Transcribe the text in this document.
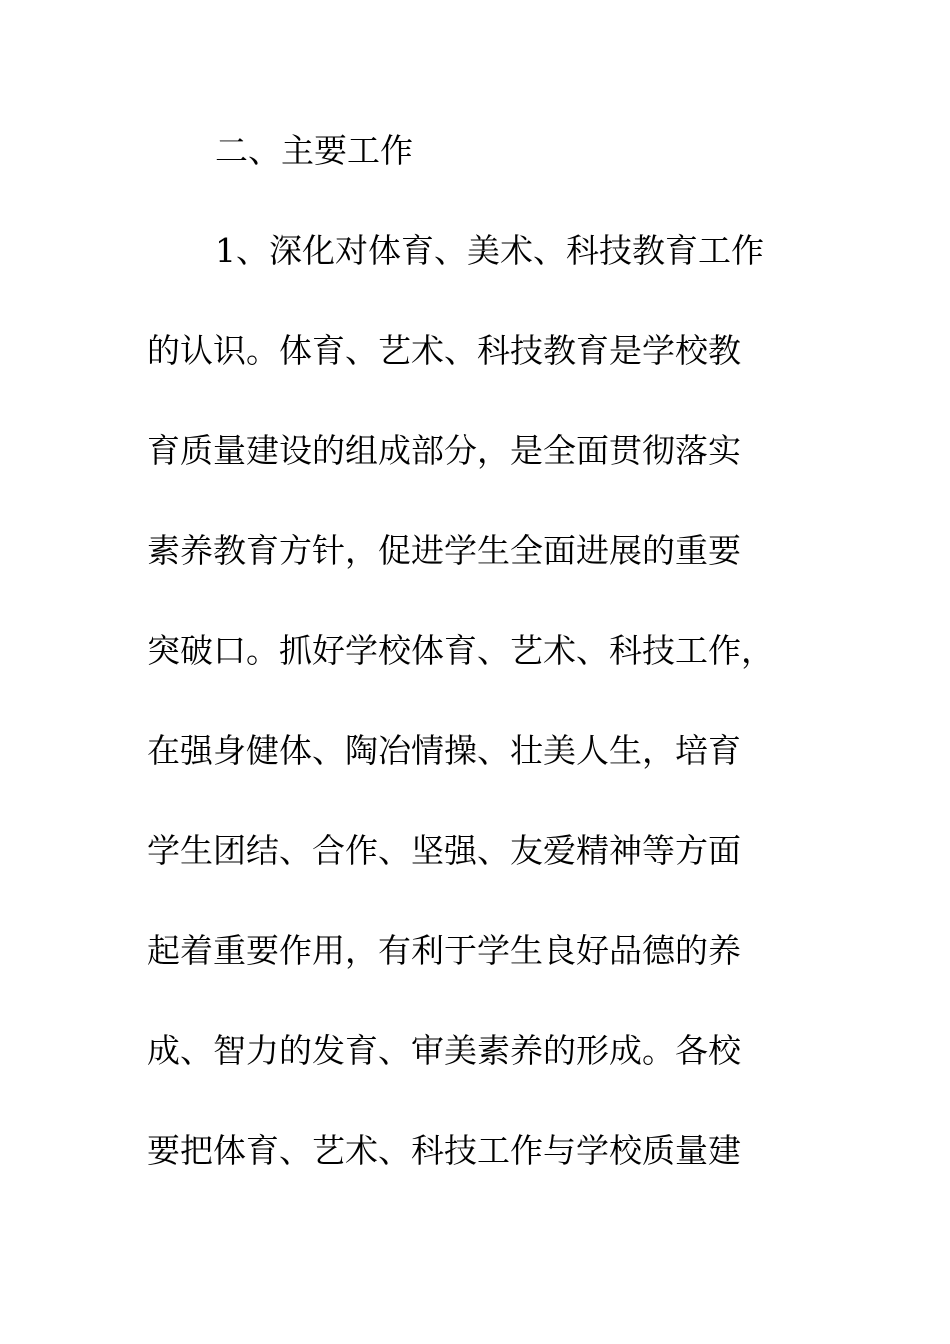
二、主要工作
1、深化对体育、美术、科技教育工作
的认识。体育、艺术、科技教育是学校教
育质量建设的组成部分，是全面贯彻落实
素养教育方针，促进学生全面进展的重要
突破口。抓好学校体育、艺术、科技工作，
在强身健体、陶冶情操、壮美人生，培育
学生团结、合作、坚强、友爱精神等方面
起着重要作用，有利于学生良好品德的养
成、智力的发育、审美素养的形成。各校
要把体育、艺术、科技工作与学校质量建
